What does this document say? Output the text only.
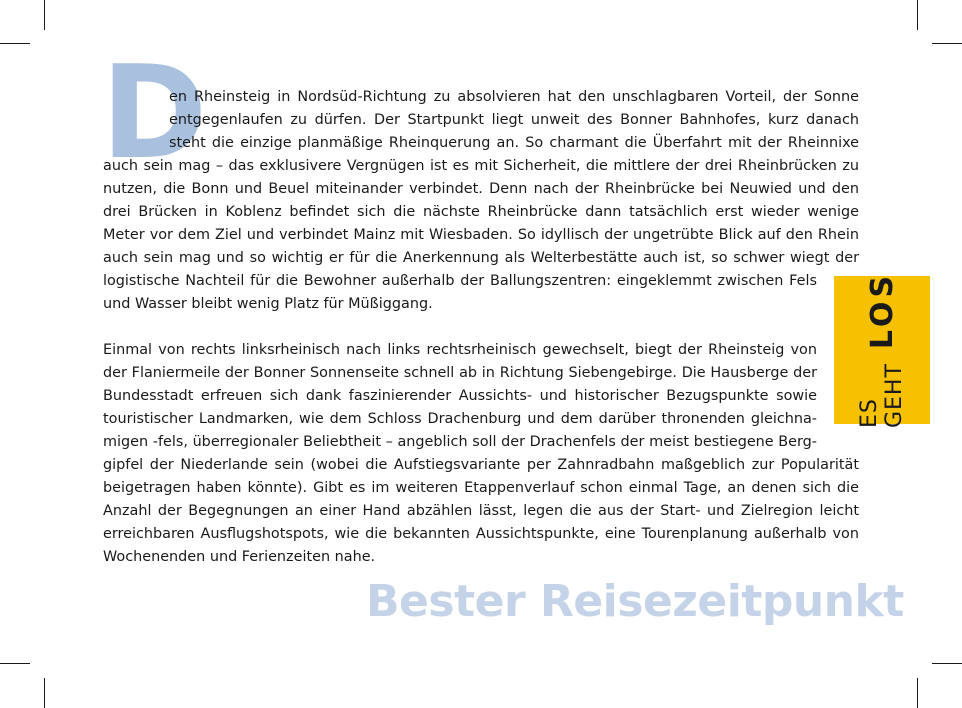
D
en Rheinsteig in Nordsüd-Richtung zu absolvieren hat den unschlagbaren Vorteil, der Sonne
entgegenlaufen zu dürfen. Der Startpunkt liegt unweit des Bonner Bahnhofes, kurz danach
steht die einzige planmäßige Rheinquerung an. So charmant die Überfahrt mit der Rheinnixe
auch sein mag – das exklusivere Vergnügen ist es mit Sicherheit, die mittlere der drei Rheinbrücken zu
nutzen, die Bonn und Beuel miteinander verbindet. Denn nach der Rheinbrücke bei Neuwied und den
drei Brücken in Koblenz befindet sich die nächste Rheinbrücke dann tatsächlich erst wieder wenige
Meter vor dem Ziel und verbindet Mainz mit Wiesbaden. So idyllisch der ungetrübte Blick auf den Rhein
auch sein mag und so wichtig er für die Anerkennung als Welterbestätte auch ist, so schwer wiegt der
logistische Nachteil für die Bewohner außerhalb der Ballungszentren: eingeklemmt zwischen Fels
und Wasser bleibt wenig Platz für Müßiggang.
Einmal von rechts linksrheinisch nach links rechtsrheinisch gewechselt, biegt der Rheinsteig von
der Flaniermeile der Bonner Sonnenseite schnell ab in Richtung Siebengebirge. Die Hausberge der
Bundesstadt erfreuen sich dank faszinierender Aussichts- und historischer Bezugspunkte sowie
touristischer Landmarken, wie dem Schloss Drachenburg und dem darüber thronenden gleichna-
migen -fels, überregionaler Beliebtheit – angeblich soll der Drachenfels der meist bestiegene Berg-
gipfel der Niederlande sein (wobei die Aufstiegsvariante per Zahnradbahn maßgeblich zur Popularität
beigetragen haben könnte). Gibt es im weiteren Etappenverlauf schon einmal Tage, an denen sich die
Anzahl der Begegnungen an einer Hand abzählen lässt, legen die aus der Start- und Zielregion leicht
erreichbaren Ausflugshotspots, wie die bekannten Aussichtspunkte, eine Tourenplanung außerhalb von
Wochenenden und Ferienzeiten nahe.
Bester Reisezeitpunkt
ES GEHT
LOS
